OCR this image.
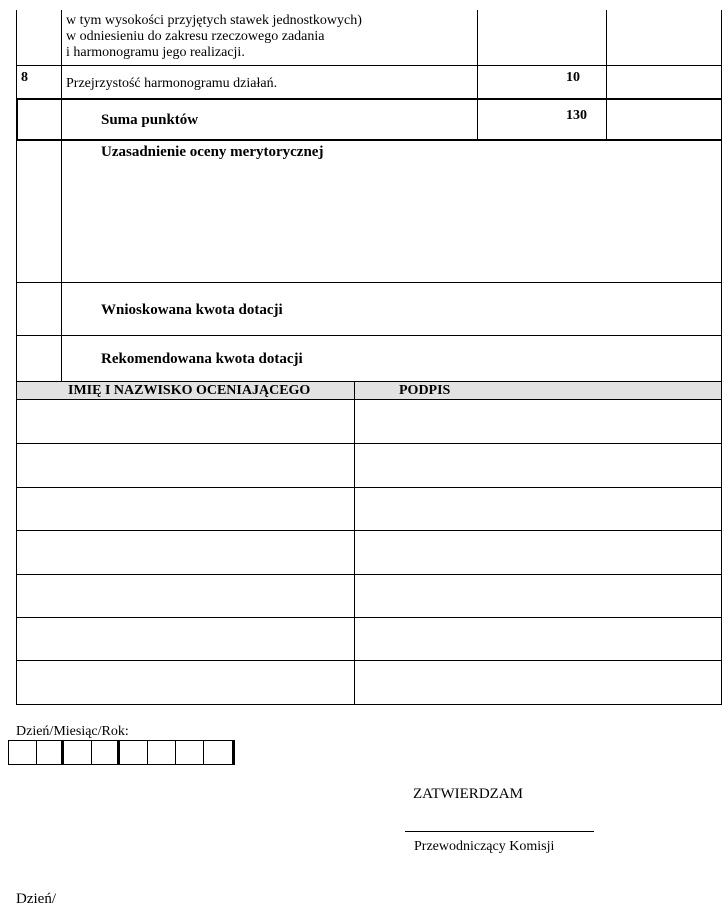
w tym wysokości przyjętych stawek jednostkowych)
w odniesieniu do zakresu rzeczowego zadania
i harmonogramu jego realizacji.
8	Przejrzystość harmonogramu działań.	10
Suma punktów	130
Uzasadnienie oceny merytorycznej
Wnioskowana kwota dotacji
Rekomendowana kwota dotacji
IMIĘ I NAZWISKO OCENIAJĄCEGO	PODPIS
Dzień/Miesiąc/Rok:
ZATWIERDZAM
Przewodniczący Komisji
Dzień/
